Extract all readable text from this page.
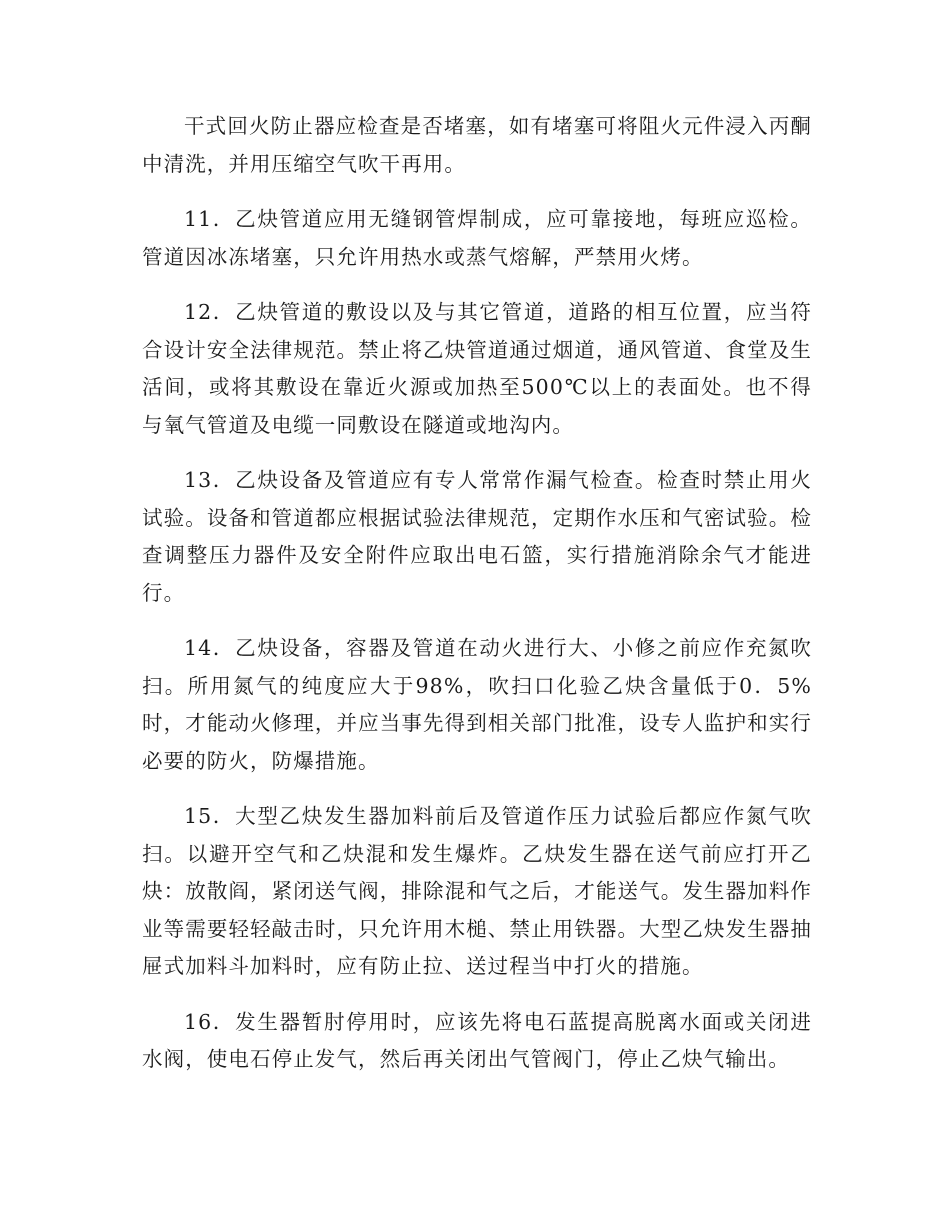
干式回火防止器应检查是否堵塞，如有堵塞可将阻火元件浸入丙酮中清洗，并用压缩空气吹干再用。

11．乙炔管道应用无缝钢管焊制成，应可靠接地，每班应巡检。管道因冰冻堵塞，只允许用热水或蒸气熔解，严禁用火烤。

12．乙炔管道的敷设以及与其它管道，道路的相互位置，应当符合设计安全法律规范。禁止将乙炔管道通过烟道，通风管道、食堂及生活间，或将其敷设在靠近火源或加热至500℃以上的表面处。也不得与氧气管道及电缆一同敷设在隧道或地沟内。

13．乙炔设备及管道应有专人常常作漏气检查。检查时禁止用火试验。设备和管道都应根据试验法律规范，定期作水压和气密试验。检查调整压力器件及安全附件应取出电石篮，实行措施消除余气才能进行。

14．乙炔设备，容器及管道在动火进行大、小修之前应作充氮吹扫。所用氮气的纯度应大于98%，吹扫口化验乙炔含量低于0．5%时，才能动火修理，并应当事先得到相关部门批准，设专人监护和实行必要的防火，防爆措施。

15．大型乙炔发生器加料前后及管道作压力试验后都应作氮气吹扫。以避开空气和乙炔混和发生爆炸。乙炔发生器在送气前应打开乙炔：放散阎，紧闭送气阀，排除混和气之后，才能送气。发生器加料作业等需要轻轻敲击时，只允许用木槌、禁止用铁器。大型乙炔发生器抽屉式加料斗加料时，应有防止拉、送过程当中打火的措施。

16．发生器暂肘停用时，应该先将电石蓝提高脱离水面或关闭进水阀，使电石停止发气，然后再关闭出气管阀门，停止乙炔气输出。
